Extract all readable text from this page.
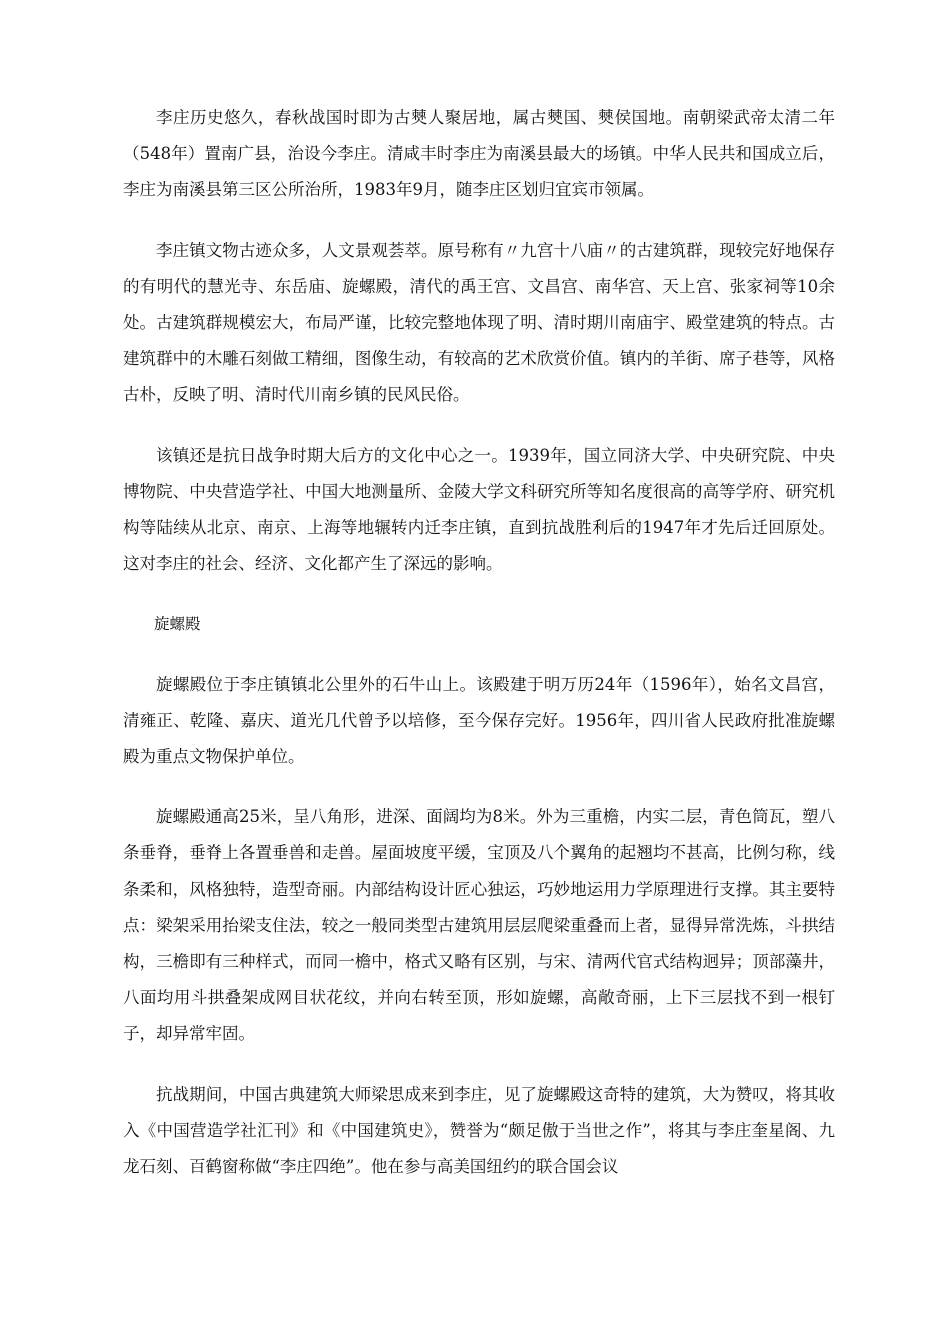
李庄历史悠久，春秋战国时即为古僰人聚居地，属古僰国、僰侯国地。南朝梁武帝太清二年（548年）置南广县，治设今李庄。清咸丰时李庄为南溪县最大的场镇。中华人民共和国成立后，李庄为南溪县第三区公所治所，1983年9月，随李庄区划归宜宾市领属。

李庄镇文物古迹众多，人文景观荟萃。原号称有〃九宫十八庙〃的古建筑群，现较完好地保存的有明代的慧光寺、东岳庙、旋螺殿，清代的禹王宫、文昌宫、南华宫、天上宫、张家祠等10余处。古建筑群规模宏大，布局严谨，比较完整地体现了明、清时期川南庙宇、殿堂建筑的特点。古建筑群中的木雕石刻做工精细，图像生动，有较高的艺术欣赏价值。镇内的羊街、席子巷等，风格古朴，反映了明、清时代川南乡镇的民风民俗。

该镇还是抗日战争时期大后方的文化中心之一。1939年，国立同济大学、中央研究院、中央博物院、中央营造学社、中国大地测量所、金陵大学文科研究所等知名度很高的高等学府、研究机构等陆续从北京、南京、上海等地辗转内迁李庄镇，直到抗战胜利后的1947年才先后迁回原处。这对李庄的社会、经济、文化都产生了深远的影响。

旋螺殿

旋螺殿位于李庄镇镇北公里外的石牛山上。该殿建于明万历24年（1596年），始名文昌宫，清雍正、乾隆、嘉庆、道光几代曾予以培修，至今保存完好。1956年，四川省人民政府批准旋螺殿为重点文物保护单位。

旋螺殿通高25米，呈八角形，进深、面阔均为8米。外为三重檐，内实二层，青色筒瓦，塑八条垂脊，垂脊上各置垂兽和走兽。屋面坡度平缓，宝顶及八个翼角的起翘均不甚高，比例匀称，线条柔和，风格独特，造型奇丽。内部结构设计匠心独运，巧妙地运用力学原理进行支撑。其主要特点：梁架采用抬梁支住法，较之一般同类型古建筑用层层爬梁重叠而上者，显得异常洗炼，斗拱结构，三檐即有三种样式，而同一檐中，格式又略有区别，与宋、清两代官式结构迥异；顶部藻井，八面均用斗拱叠架成网目状花纹，并向右转至顶，形如旋螺，高敞奇丽，上下三层找不到一根钉子，却异常牢固。

抗战期间，中国古典建筑大师梁思成来到李庄，见了旋螺殿这奇特的建筑，大为赞叹，将其收入《中国营造学社汇刊》和《中国建筑史》，赞誉为“颇足傲于当世之作”，将其与李庄奎星阁、九龙石刻、百鹤窗称做“李庄四绝”。他在参与高美国纽约的联合国会议
